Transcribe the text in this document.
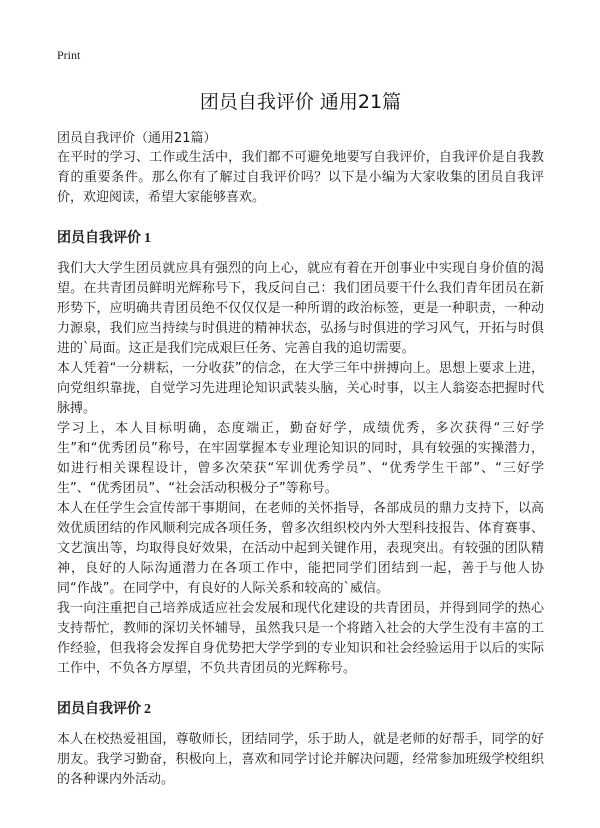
Print
团员自我评价 通用21篇
团员自我评价（通用21篇）

在平时的学习、工作或生活中，我们都不可避免地要写自我评价，自我评价是自我教育的重要条件。那么你有了解过自我评价吗？以下是小编为大家收集的团员自我评价，欢迎阅读，希望大家能够喜欢。

团员自我评价 1

我们大大学生团员就应具有强烈的向上心，就应有着在开创事业中实现自身价值的渴望。在共青团员鲜明光辉称号下，我反问自己：我们团员要干什么我们青年团员在新形势下，应明确共青团员绝不仅仅仅是一种所谓的政治标签，更是一种职责，一种动力源泉，我们应当持续与时俱进的精神状态，弘扬与时俱进的学习风气，开拓与时俱进的`局面。这正是我们完成艰巨任务、完善自我的追切需要。

本人凭着“一分耕耘，一分收获”的信念，在大学三年中拼搏向上。思想上要求上进，向党组织靠拢，自觉学习先进理论知识武装头脑，关心时事，以主人翁姿态把握时代脉搏。

学习上，本人目标明确，态度端正，勤奋好学，成绩优秀，多次获得“三好学生”和“优秀团员”称号，在牢固掌握本专业理论知识的同时，具有较强的实操潜力，如进行相关课程设计，曾多次荣获“军训优秀学员”、“优秀学生干部”、“三好学生”、“优秀团员”、“社会活动积极分子”等称号。

本人在任学生会宣传部干事期间，在老师的关怀指导，各部成员的鼎力支持下，以高效优质团结的作风顺利完成各项任务，曾多次组织校内外大型科技报告、体育赛事、文艺演出等，均取得良好效果，在活动中起到关键作用，表现突出。有较强的团队精神，良好的人际沟通潜力在各项工作中，能把同学们团结到一起，善于与他人协同“作战”。在同学中，有良好的人际关系和较高的`威信。

我一向注重把自己培养成适应社会发展和现代化建设的共青团员，并得到同学的热心支持帮忙，教师的深切关怀辅导，虽然我只是一个将踏入社会的大学生没有丰富的工作经验，但我将会发挥自身优势把大学学到的专业知识和社会经验运用于以后的实际工作中，不负各方厚望，不负共青团员的光辉称号。

团员自我评价 2

本人在校热爱祖国，尊敬师长，团结同学，乐于助人，就是老师的好帮手，同学的好朋友。我学习勤奋，积极向上，喜欢和同学讨论并解决问题，经常参加班级学校组织的各种课内外活动。
